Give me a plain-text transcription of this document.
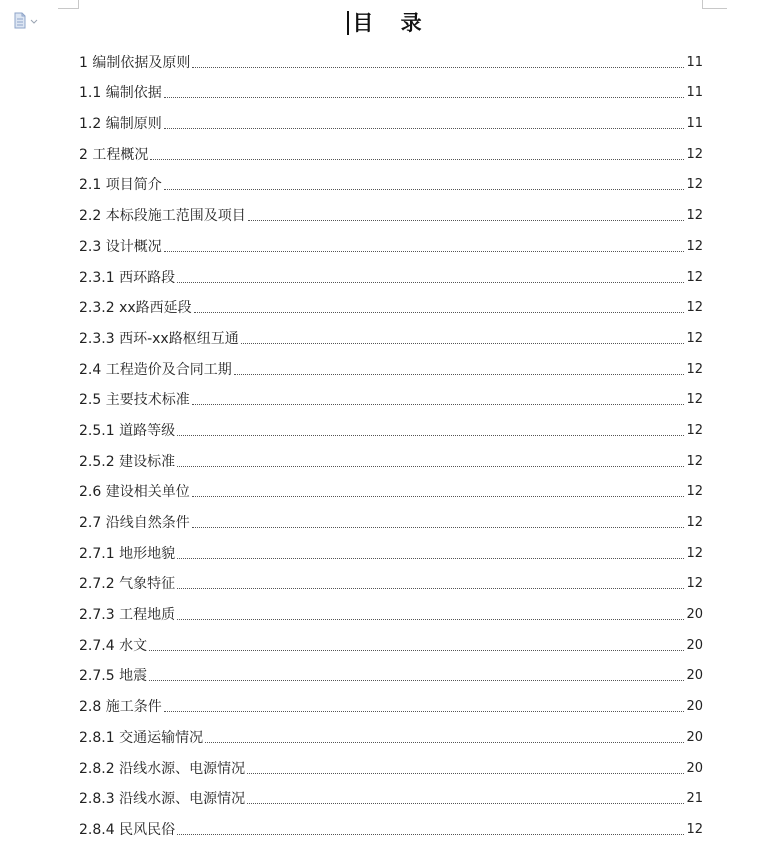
目 录
1 编制依据及原则	11
1.1 编制依据	11
1.2 编制原则	11
2 工程概况	12
2.1 项目简介	12
2.2 本标段施工范围及项目	12
2.3 设计概况	12
2.3.1 西环路段	12
2.3.2 xx路西延段	12
2.3.3 西环-xx路枢纽互通	12
2.4 工程造价及合同工期	12
2.5 主要技术标准	12
2.5.1 道路等级	12
2.5.2 建设标准	12
2.6 建设相关单位	12
2.7 沿线自然条件	12
2.7.1 地形地貌	12
2.7.2 气象特征	12
2.7.3 工程地质	20
2.7.4 水文	20
2.7.5 地震	20
2.8 施工条件	20
2.8.1 交通运输情况	20
2.8.2 沿线水源、电源情况	20
2.8.3 沿线水源、电源情况	21
2.8.4 民风民俗	12
